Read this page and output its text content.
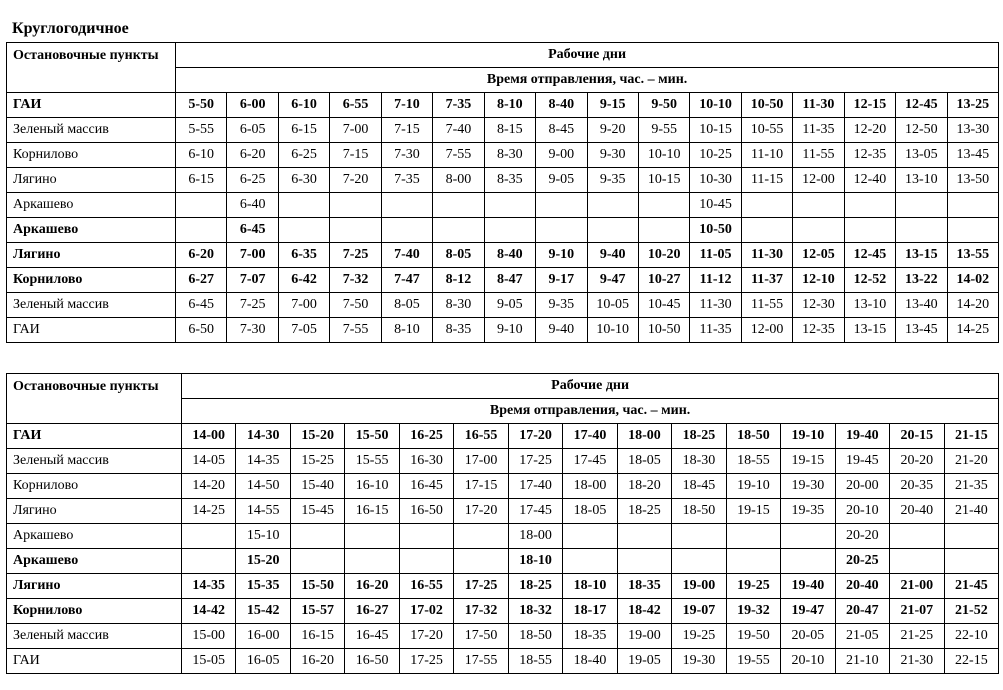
Круглогодичное
Остановочные пункты	Рабочие дни															
	Время отправления, час. – мин.															
ГАИ	5-50	6-00	6-10	6-55	7-10	7-35	8-10	8-40	9-15	9-50	10-10	10-50	11-30	12-15	12-45	13-25
Зеленый массив	5-55	6-05	6-15	7-00	7-15	7-40	8-15	8-45	9-20	9-55	10-15	10-55	11-35	12-20	12-50	13-30
Корнилово	6-10	6-20	6-25	7-15	7-30	7-55	8-30	9-00	9-30	10-10	10-25	11-10	11-55	12-35	13-05	13-45
Лягино	6-15	6-25	6-30	7-20	7-35	8-00	8-35	9-05	9-35	10-15	10-30	11-15	12-00	12-40	13-10	13-50
Аркашево		6-40									10-45					
Аркашево		6-45									10-50					
Лягино	6-20	7-00	6-35	7-25	7-40	8-05	8-40	9-10	9-40	10-20	11-05	11-30	12-05	12-45	13-15	13-55
Корнилово	6-27	7-07	6-42	7-32	7-47	8-12	8-47	9-17	9-47	10-27	11-12	11-37	12-10	12-52	13-22	14-02
Зеленый массив	6-45	7-25	7-00	7-50	8-05	8-30	9-05	9-35	10-05	10-45	11-30	11-55	12-30	13-10	13-40	14-20
ГАИ	6-50	7-30	7-05	7-55	8-10	8-35	9-10	9-40	10-10	10-50	11-35	12-00	12-35	13-15	13-45	14-25
Остановочные пункты	Рабочие дни														
	Время отправления, час. – мин.														
ГАИ	14-00	14-30	15-20	15-50	16-25	16-55	17-20	17-40	18-00	18-25	18-50	19-10	19-40	20-15	21-15
Зеленый массив	14-05	14-35	15-25	15-55	16-30	17-00	17-25	17-45	18-05	18-30	18-55	19-15	19-45	20-20	21-20
Корнилово	14-20	14-50	15-40	16-10	16-45	17-15	17-40	18-00	18-20	18-45	19-10	19-30	20-00	20-35	21-35
Лягино	14-25	14-55	15-45	16-15	16-50	17-20	17-45	18-05	18-25	18-50	19-15	19-35	20-10	20-40	21-40
Аркашево		15-10					18-00						20-20		
Аркашево		15-20					18-10						20-25		
Лягино	14-35	15-35	15-50	16-20	16-55	17-25	18-25	18-10	18-35	19-00	19-25	19-40	20-40	21-00	21-45
Корнилово	14-42	15-42	15-57	16-27	17-02	17-32	18-32	18-17	18-42	19-07	19-32	19-47	20-47	21-07	21-52
Зеленый массив	15-00	16-00	16-15	16-45	17-20	17-50	18-50	18-35	19-00	19-25	19-50	20-05	21-05	21-25	22-10
ГАИ	15-05	16-05	16-20	16-50	17-25	17-55	18-55	18-40	19-05	19-30	19-55	20-10	21-10	21-30	22-15
